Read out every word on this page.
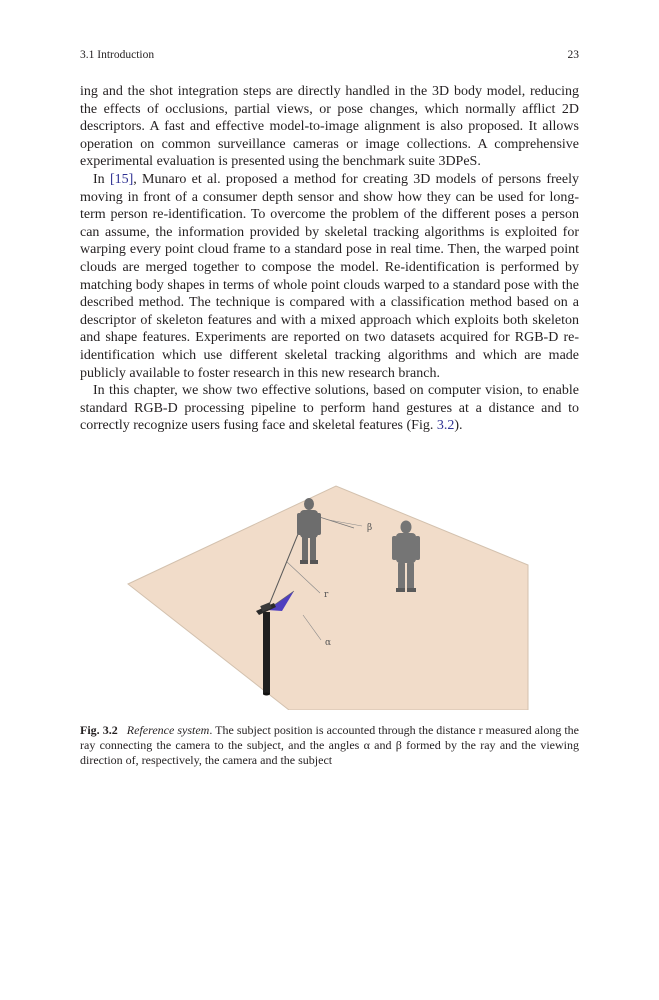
3.1 Introduction	23

ing and the shot integration steps are directly handled in the 3D body model, reducing the effects of occlusions, partial views, or pose changes, which normally afflict 2D descriptors. A fast and effective model-to-image alignment is also proposed. It allows operation on common surveillance cameras or image collections. A comprehensive experimental evaluation is presented using the benchmark suite 3DPeS.

In [15], Munaro et al. proposed a method for creating 3D models of persons freely moving in front of a consumer depth sensor and show how they can be used for long-term person re-identification. To overcome the problem of the different poses a person can assume, the information provided by skeletal tracking algorithms is exploited for warping every point cloud frame to a standard pose in real time. Then, the warped point clouds are merged together to compose the model. Re-identification is performed by matching body shapes in terms of whole point clouds warped to a standard pose with the described method. The technique is compared with a classification method based on a descriptor of skeleton features and with a mixed approach which exploits both skeleton and shape features. Experiments are reported on two datasets acquired for RGB-D re-identification which use different skeletal tracking algorithms and which are made publicly available to foster research in this new research branch.

In this chapter, we show two effective solutions, based on computer vision, to enable standard RGB-D processing pipeline to perform hand gestures at a distance and to correctly recognize users fusing face and skeletal features (Fig. 3.2).

β
r
α
Fig. 3.2 Reference system. The subject position is accounted through the distance r measured along the ray connecting the camera to the subject, and the angles α and β formed by the ray and the viewing direction of, respectively, the camera and the subject
